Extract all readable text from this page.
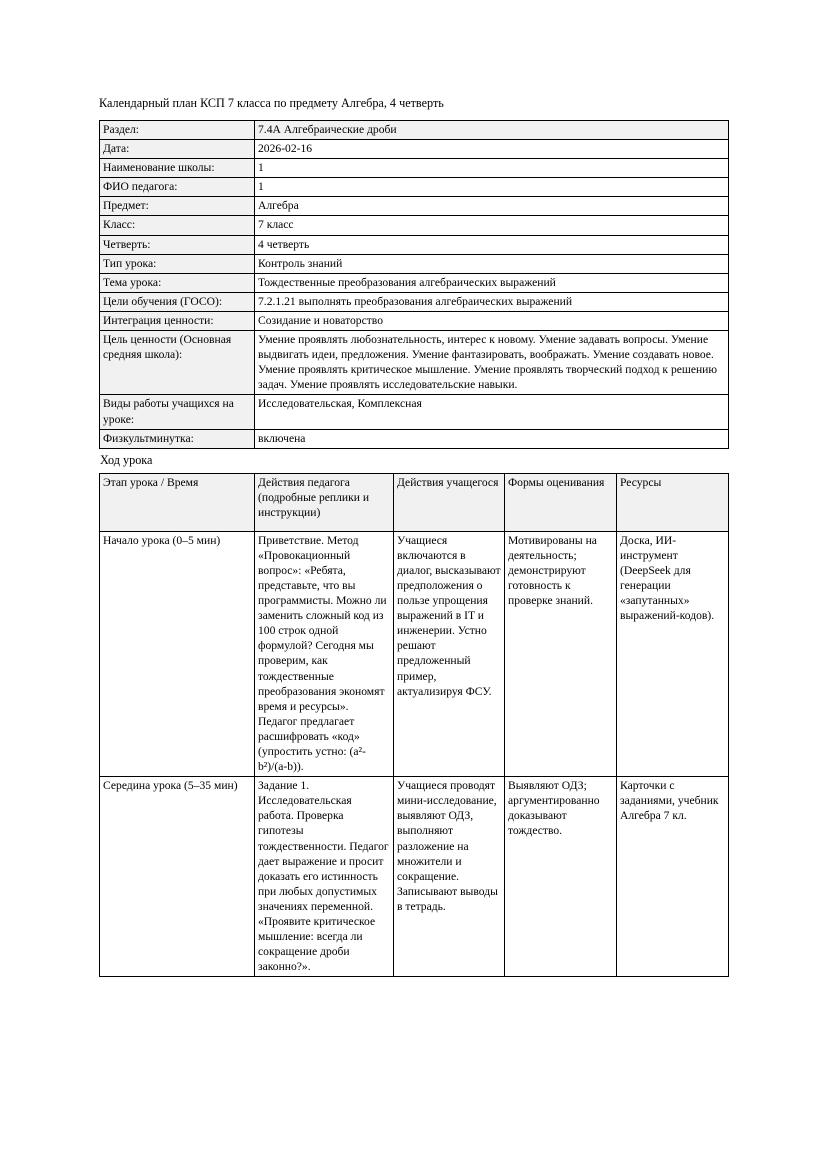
Календарный план КСП 7 класса по предмету Алгебра, 4 четверть

Раздел:	7.4А Алгебраические дроби
Дата:	2026-02-16
Наименование школы:	1
ФИО педагога:	1
Предмет:	Алгебра
Класс:	7 класс
Четверть:	4 четверть
Тип урока:	Контроль знаний
Тема урока:	Тождественные преобразования алгебраических выражений
Цели обучения (ГОСО):	7.2.1.21 выполнять преобразования алгебраических выражений
Интеграция ценности:	Созидание и новаторство
Цель ценности (Основная средняя школа):	Умение проявлять любознательность, интерес к новому. Умение задавать вопросы. Умение выдвигать идеи, предложения. Умение фантазировать, воображать. Умение создавать новое. Умение проявлять критическое мышление. Умение проявлять творческий подход к решению задач. Умение проявлять исследовательские навыки.
Виды работы учащихся на уроке:	Исследовательская, Комплексная
Физкультминутка:	включена

Ход урока

Этап урока / Время	Действия педагога (подробные реплики и инструкции)	Действия учащегося	Формы оценивания	Ресурсы
Начало урока (0–5 мин)	Приветствие. Метод «Провокационный вопрос»: «Ребята, представьте, что вы программисты. Можно ли заменить сложный код из 100 строк одной формулой? Сегодня мы проверим, как тождественные преобразования экономят время и ресурсы». Педагог предлагает расшифровать «код» (упростить устно: (a²-b²)/(a-b)).	Учащиеся включаются в диалог, высказывают предположения о пользе упрощения выражений в IT и инженерии. Устно решают предложенный пример, актуализируя ФСУ.	Мотивированы на деятельность; демонстрируют готовность к проверке знаний.	Доска, ИИ-инструмент (DeepSeek для генерации «запутанных» выражений-кодов).
Середина урока (5–35 мин)	Задание 1. Исследовательская работа. Проверка гипотезы тождественности. Педагог дает выражение и просит доказать его истинность при любых допустимых значениях переменной. «Проявите критическое мышление: всегда ли сокращение дроби законно?».	Учащиеся проводят мини-исследование, выявляют ОДЗ, выполняют разложение на множители и сокращение. Записывают выводы в тетрадь.	Выявляют ОДЗ; аргументированно доказывают тождество.	Карточки с заданиями, учебник Алгебра 7 кл.
